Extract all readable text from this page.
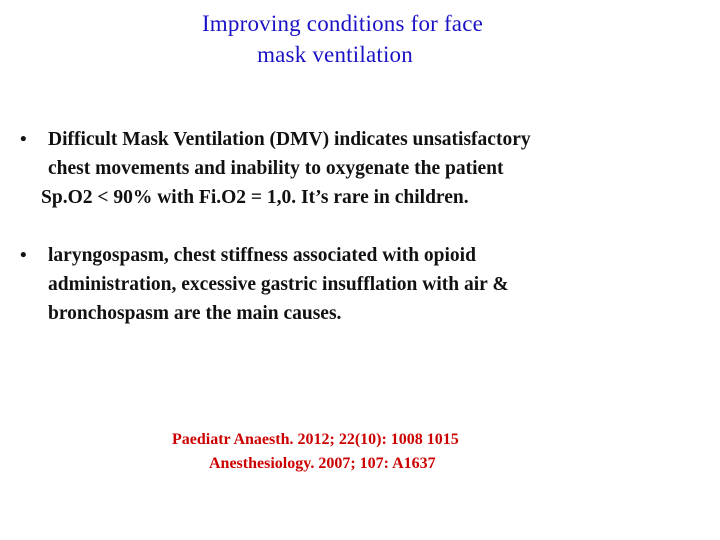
Improving conditions for face
mask ventilation
• Difficult Mask Ventilation (DMV) indicates unsatisfactory
chest movements and inability to oxygenate the patient
Sp.O2 < 90% with Fi.O2 = 1,0. It’s rare in children.
• laryngospasm, chest stiffness associated with opioid
administration, excessive gastric insufflation with air &
bronchospasm are the main causes.
Paediatr Anaesth. 2012; 22(10): 1008 1015
Anesthesiology. 2007; 107: A1637
